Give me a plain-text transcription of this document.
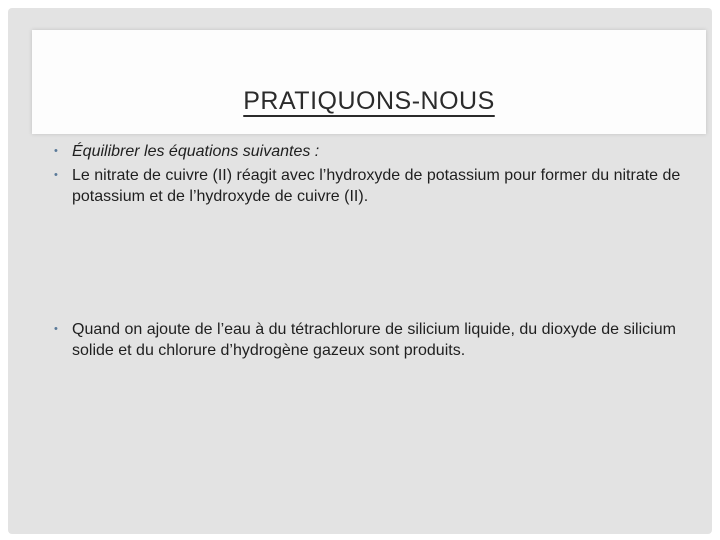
PRATIQUONS-NOUS
• Équilibrer les équations suivantes :
• Le nitrate de cuivre (II) réagit avec l’hydroxyde de potassium pour former du nitrate de potassium et de l’hydroxyde de cuivre (II).
• Quand on ajoute de l’eau à du tétrachlorure de silicium liquide, du dioxyde de silicium solide et du chlorure d’hydrogène gazeux sont produits.
